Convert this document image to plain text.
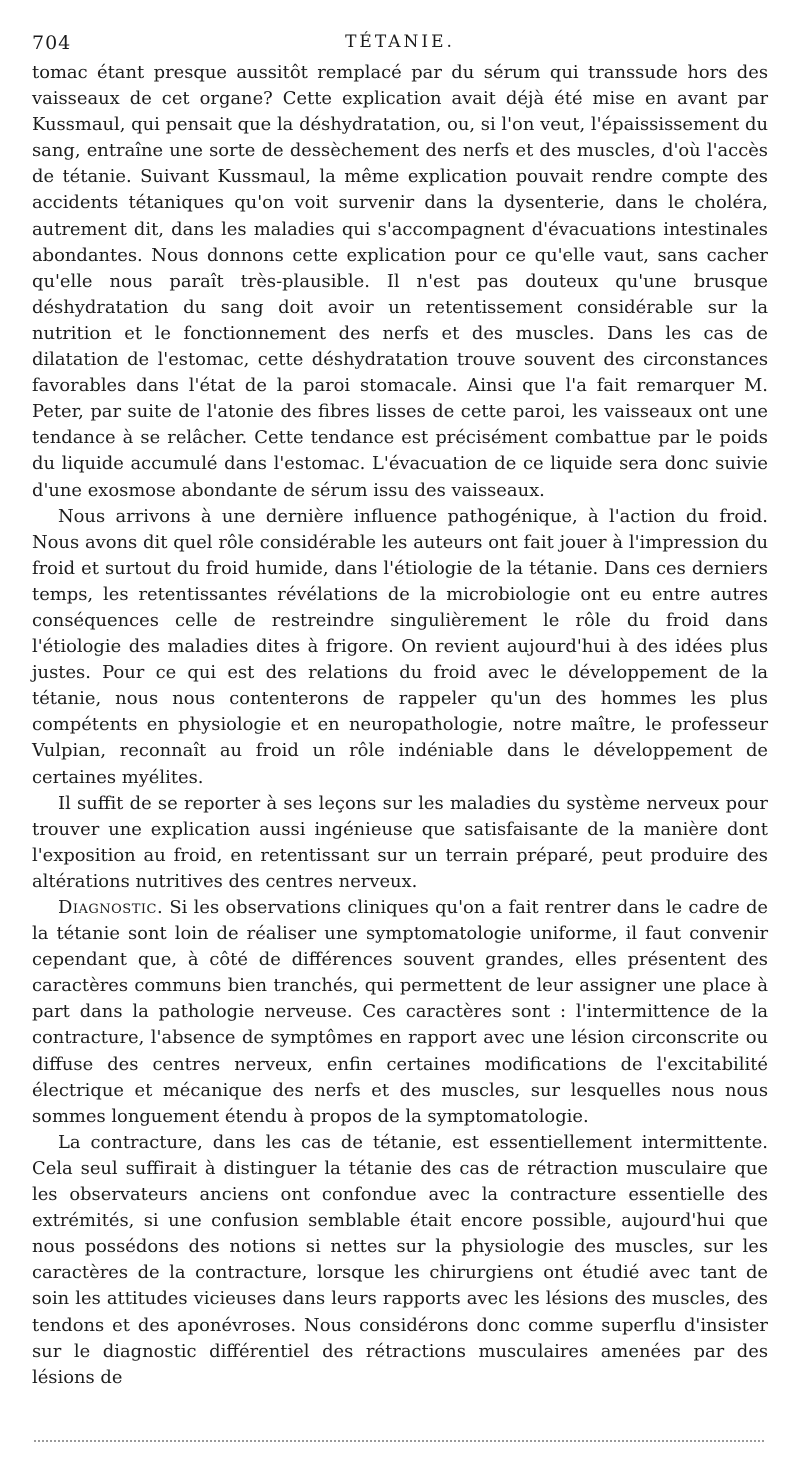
704	TÉTANIE.

tomac étant presque aussitôt remplacé par du sérum qui transsude hors des vaisseaux de cet organe? Cette explication avait déjà été mise en avant par Kussmaul, qui pensait que la déshydratation, ou, si l'on veut, l'épaississement du sang, entraîne une sorte de dessèchement des nerfs et des muscles, d'où l'accès de tétanie. Suivant Kussmaul, la même explication pouvait rendre compte des accidents tétaniques qu'on voit survenir dans la dysenterie, dans le choléra, autrement dit, dans les maladies qui s'accompagnent d'évacuations intestinales abondantes. Nous donnons cette explication pour ce qu'elle vaut, sans cacher qu'elle nous paraît très-plausible. Il n'est pas douteux qu'une brusque déshydratation du sang doit avoir un retentissement considérable sur la nutrition et le fonctionnement des nerfs et des muscles. Dans les cas de dilatation de l'estomac, cette déshydratation trouve souvent des circonstances favorables dans l'état de la paroi stomacale. Ainsi que l'a fait remarquer M. Peter, par suite de l'atonie des fibres lisses de cette paroi, les vaisseaux ont une tendance à se relâcher. Cette tendance est précisément combattue par le poids du liquide accumulé dans l'estomac. L'évacuation de ce liquide sera donc suivie d'une exosmose abondante de sérum issu des vaisseaux.

Nous arrivons à une dernière influence pathogénique, à l'action du froid. Nous avons dit quel rôle considérable les auteurs ont fait jouer à l'impression du froid et surtout du froid humide, dans l'étiologie de la tétanie. Dans ces derniers temps, les retentissantes révélations de la microbiologie ont eu entre autres conséquences celle de restreindre singulièrement le rôle du froid dans l'étiologie des maladies dites à frigore. On revient aujourd'hui à des idées plus justes. Pour ce qui est des relations du froid avec le développement de la tétanie, nous nous contenterons de rappeler qu'un des hommes les plus compétents en physiologie et en neuropathologie, notre maître, le professeur Vulpian, reconnaît au froid un rôle indéniable dans le développement de certaines myélites.

Il suffit de se reporter à ses leçons sur les maladies du système nerveux pour trouver une explication aussi ingénieuse que satisfaisante de la manière dont l'exposition au froid, en retentissant sur un terrain préparé, peut produire des altérations nutritives des centres nerveux.

Diagnostic. Si les observations cliniques qu'on a fait rentrer dans le cadre de la tétanie sont loin de réaliser une symptomatologie uniforme, il faut convenir cependant que, à côté de différences souvent grandes, elles présentent des caractères communs bien tranchés, qui permettent de leur assigner une place à part dans la pathologie nerveuse. Ces caractères sont : l'intermittence de la contracture, l'absence de symptômes en rapport avec une lésion circonscrite ou diffuse des centres nerveux, enfin certaines modifications de l'excitabilité électrique et mécanique des nerfs et des muscles, sur lesquelles nous nous sommes longuement étendu à propos de la symptomatologie.

La contracture, dans les cas de tétanie, est essentiellement intermittente. Cela seul suffirait à distinguer la tétanie des cas de rétraction musculaire que les observateurs anciens ont confondue avec la contracture essentielle des extrémités, si une confusion semblable était encore possible, aujourd'hui que nous possédons des notions si nettes sur la physiologie des muscles, sur les caractères de la contracture, lorsque les chirurgiens ont étudié avec tant de soin les attitudes vicieuses dans leurs rapports avec les lésions des muscles, des tendons et des aponévroses. Nous considérons donc comme superflu d'insister sur le diagnostic différentiel des rétractions musculaires amenées par des lésions de
